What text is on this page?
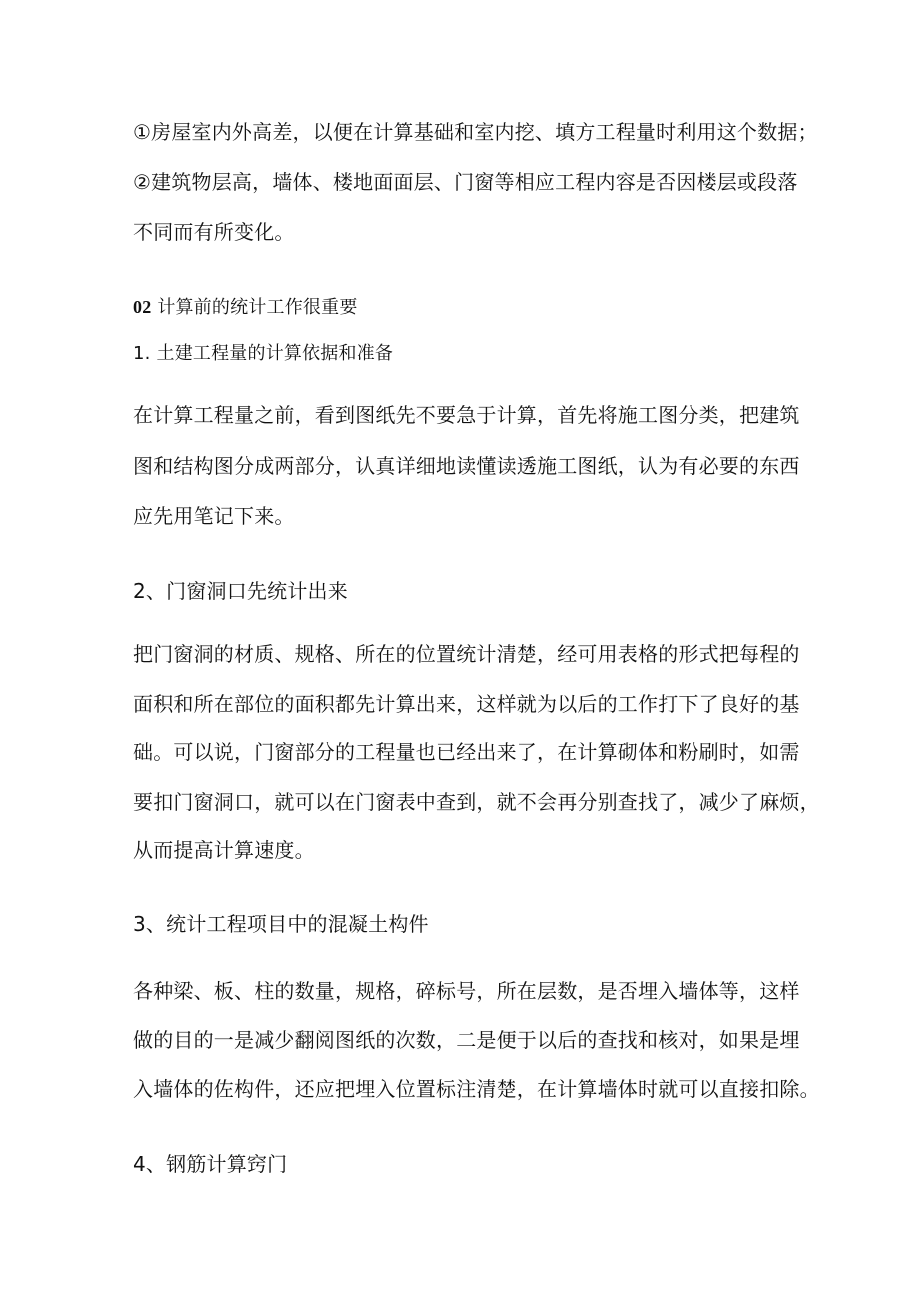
①房屋室内外高差，以便在计算基础和室内挖、填方工程量时利用这个数据；
②建筑物层高，墙体、楼地面面层、门窗等相应工程内容是否因楼层或段落
不同而有所变化。
02 计算前的统计工作很重要
1. 土建工程量的计算依据和准备
在计算工程量之前，看到图纸先不要急于计算，首先将施工图分类，把建筑
图和结构图分成两部分，认真详细地读懂读透施工图纸，认为有必要的东西
应先用笔记下来。
2、门窗洞口先统计出来
把门窗洞的材质、规格、所在的位置统计清楚，经可用表格的形式把每程的
面积和所在部位的面积都先计算出来，这样就为以后的工作打下了良好的基
础。可以说，门窗部分的工程量也已经出来了，在计算砌体和粉刷时，如需
要扣门窗洞口，就可以在门窗表中查到，就不会再分别查找了，减少了麻烦，
从而提高计算速度。
3、统计工程项目中的混凝土构件
各种梁、板、柱的数量，规格，碎标号，所在层数，是否埋入墙体等，这样
做的目的一是减少翻阅图纸的次数，二是便于以后的查找和核对，如果是埋
入墙体的佐构件，还应把埋入位置标注清楚，在计算墙体时就可以直接扣除。
4、钢筋计算窍门
